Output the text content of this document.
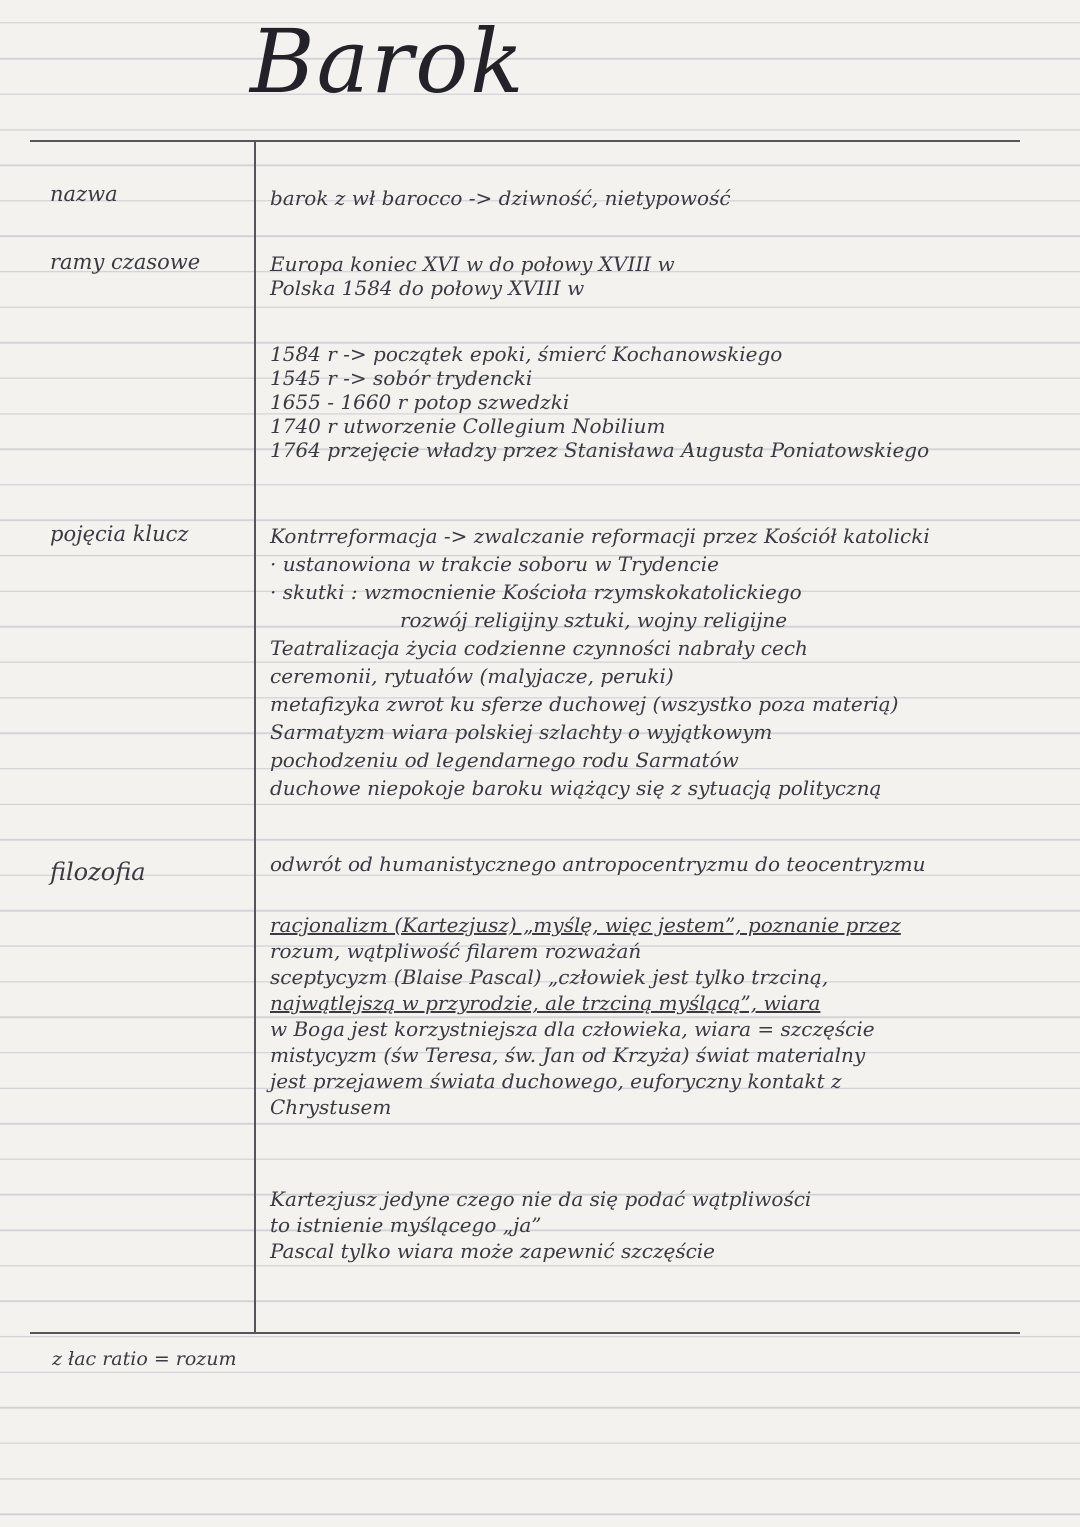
Barok
nazwa	barok z wł barocco -> dziwność, nietypowość
ramy czasowe	Europa koniec XVI w do połowy XVIII w
Polska 1584 do połowy XVIII w
1584 r -> początek epoki, śmierć Kochanowskiego
1545 r -> sobór trydencki
1655 - 1660 r potop szwedzki
1740 r utworzenie Collegium Nobilium
1764 przejęcie władzy przez Stanisława Augusta Poniatowskiego
pojęcia klucz	Kontrreformacja -> zwalczanie reformacji przez Kościół katolicki
· ustanowiona w trakcie soboru w Trydencie
· skutki : wzmocnienie Kościoła rzymskokatolickiego
rozwój religijny sztuki, wojny religijne
Teatralizacja życia codzienne czynności nabrały cech
ceremonii, rytuałów (malyjacze, peruki)
metafizyka zwrot ku sferze duchowej (wszystko poza materią)
Sarmatyzm wiara polskiej szlachty o wyjątkowym
pochodzeniu od legendarnego rodu Sarmatów
duchowe niepokoje baroku wiążący się z sytuacją polityczną
filozofia	odwrót od humanistycznego antropocentryzmu do teocentryzmu
racjonalizm (Kartezjusz) „myślę, więc jestem”, poznanie przez
rozum, wątpliwość filarem rozważań
sceptycyzm (Blaise Pascal) „człowiek jest tylko trzciną,
najwątlejszą w przyrodzie, ale trzciną myślącą”, wiara
w Boga jest korzystniejsza dla człowieka, wiara = szczęście
mistycyzm (św Teresa, św. Jan od Krzyża) świat materialny
jest przejawem świata duchowego, euforyczny kontakt z
Chrystusem
Kartezjusz jedyne czego nie da się podać wątpliwości
to istnienie myślącego „ja”
Pascal tylko wiara może zapewnić szczęście
z łac ratio = rozum
